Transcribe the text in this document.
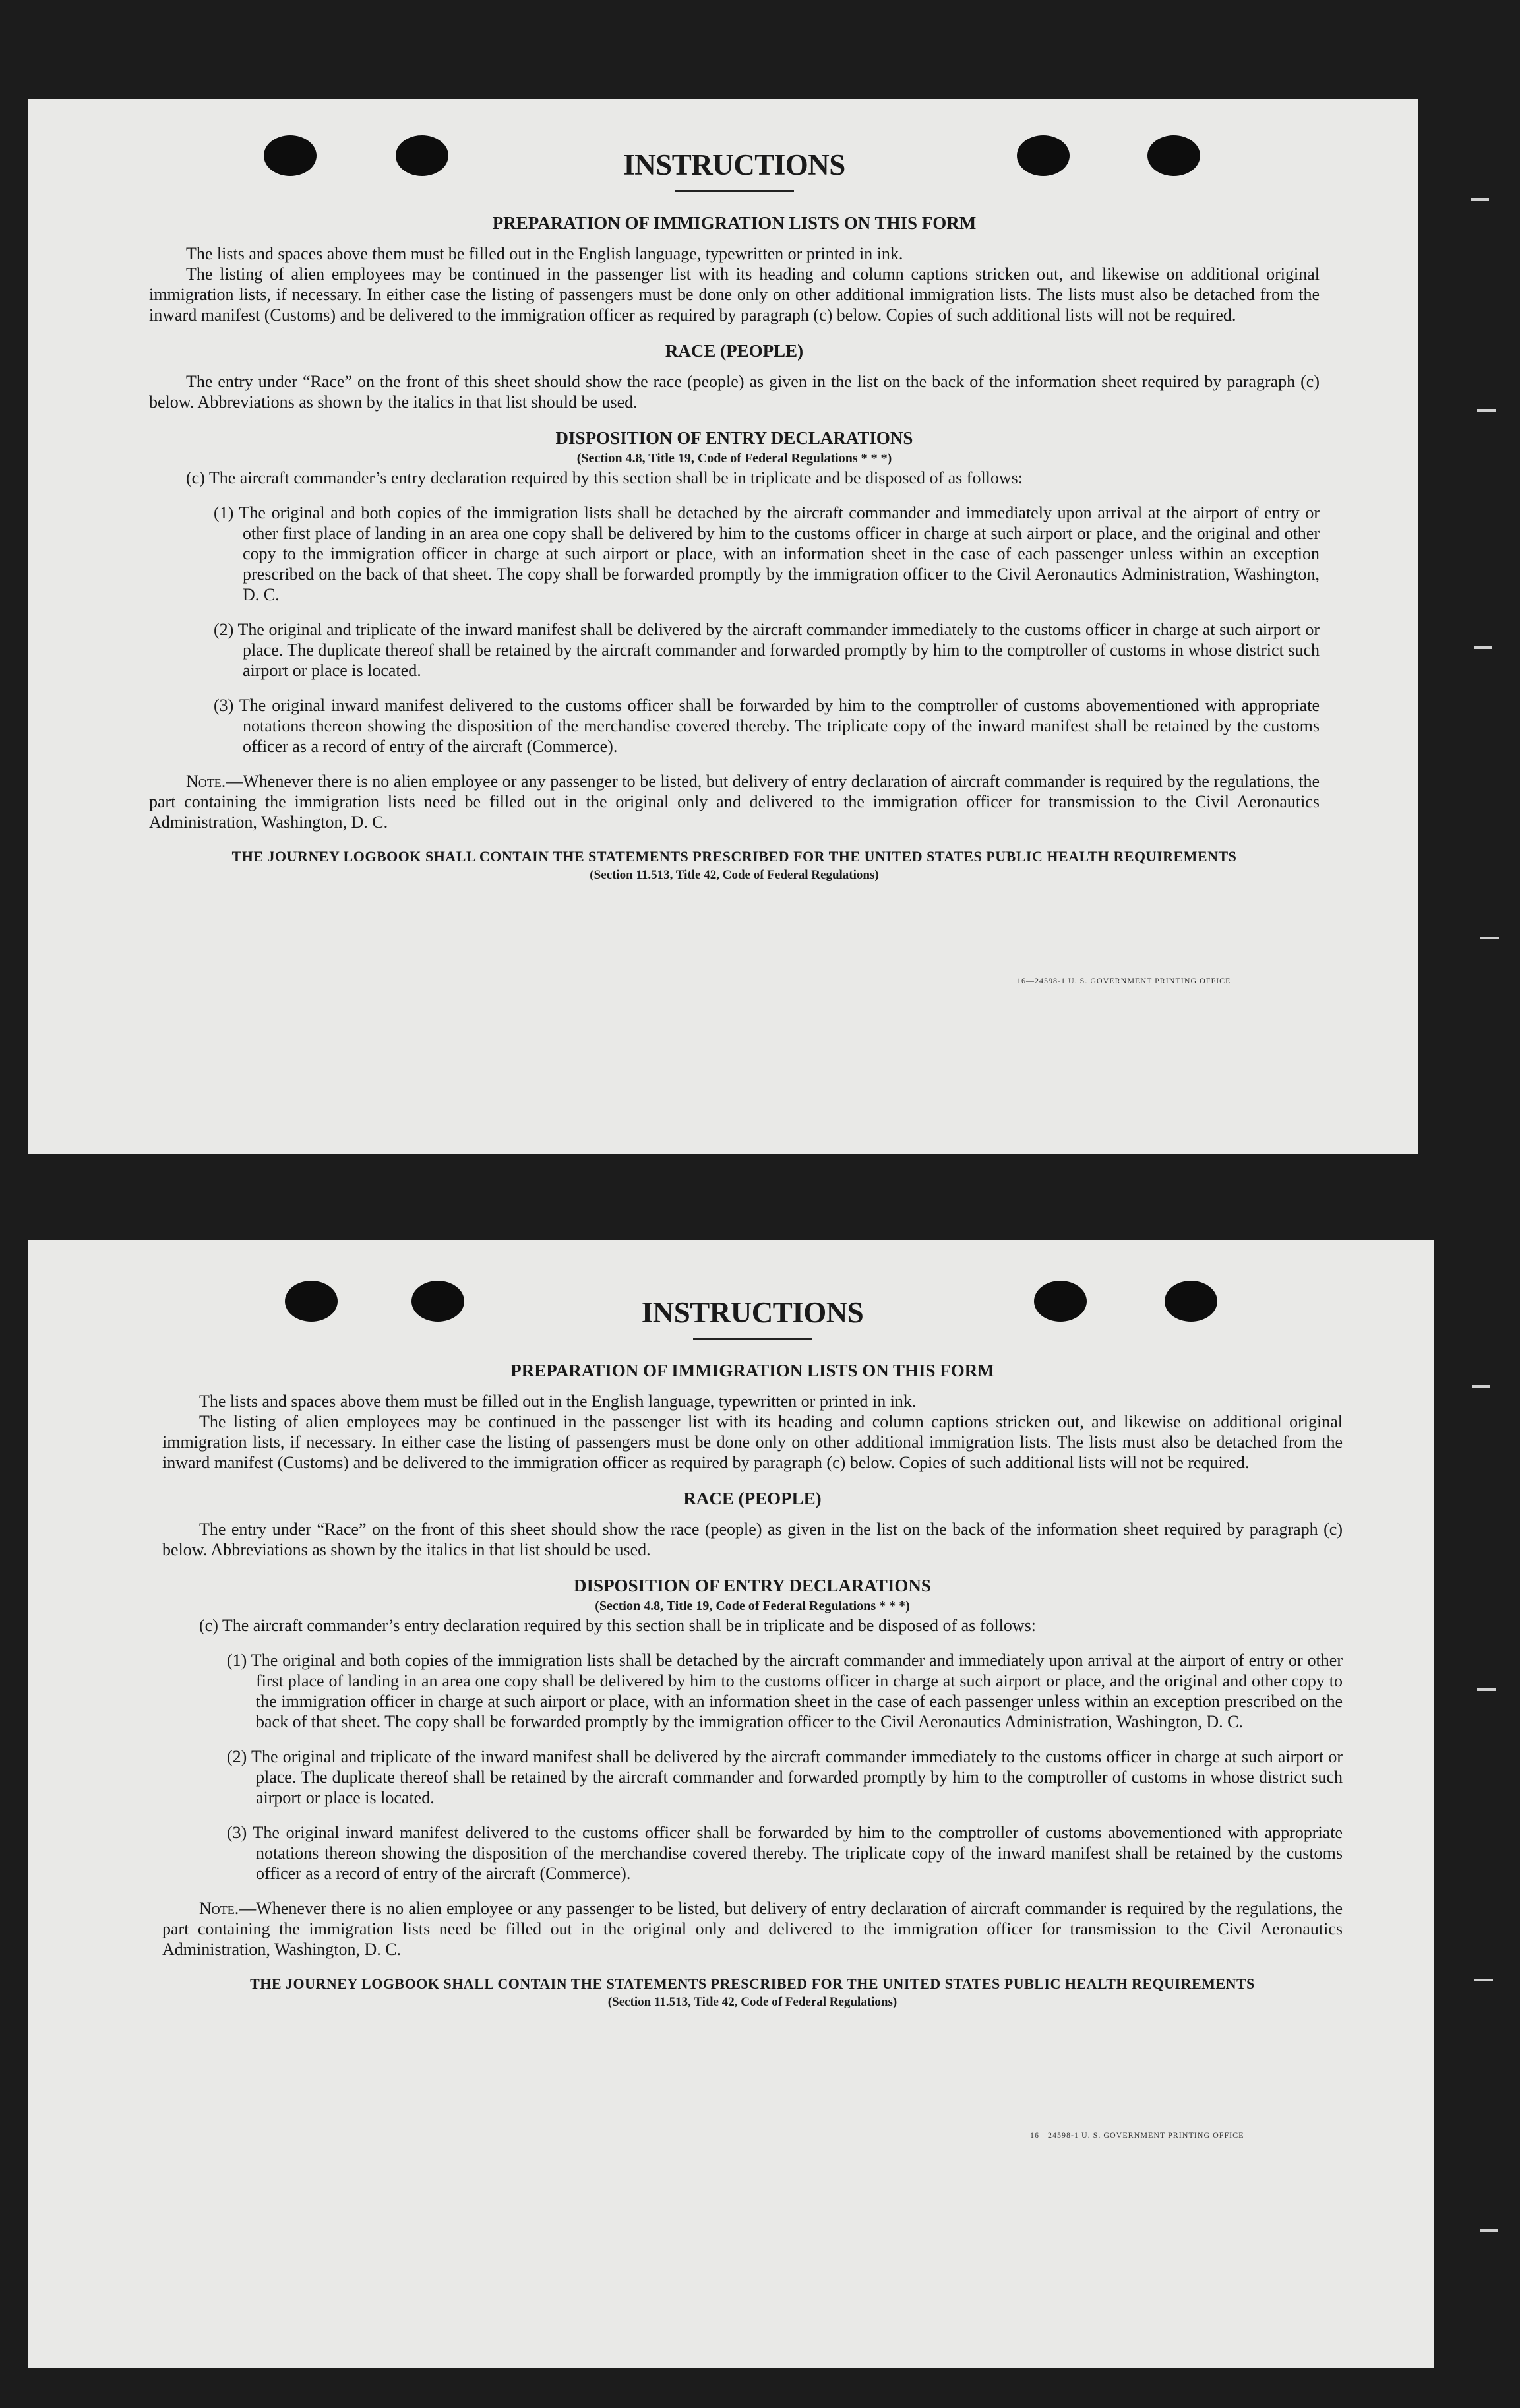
INSTRUCTIONS
PREPARATION OF IMMIGRATION LISTS ON THIS FORM

The lists and spaces above them must be filled out in the English language, typewritten or printed in ink.

The listing of alien employees may be continued in the passenger list with its heading and column captions stricken out, and likewise on additional original immigration lists, if necessary. In either case the listing of passengers must be done only on other additional immigration lists. The lists must also be detached from the inward manifest (Customs) and be delivered to the immigration officer as required by paragraph (c) below. Copies of such additional lists will not be required.

RACE (PEOPLE)

The entry under “Race” on the front of this sheet should show the race (people) as given in the list on the back of the information sheet required by paragraph (c) below. Abbreviations as shown by the italics in that list should be used.

DISPOSITION OF ENTRY DECLARATIONS
(Section 4.8, Title 19, Code of Federal Regulations * * *)

(c) The aircraft commander’s entry declaration required by this section shall be in triplicate and be disposed of as follows:

(1) The original and both copies of the immigration lists shall be detached by the aircraft commander and immediately upon arrival at the airport of entry or other first place of landing in an area one copy shall be delivered by him to the customs officer in charge at such airport or place, and the original and other copy to the immigration officer in charge at such airport or place, with an information sheet in the case of each passenger unless within an exception prescribed on the back of that sheet. The copy shall be forwarded promptly by the immigration officer to the Civil Aeronautics Administration, Washington, D. C.

(2) The original and triplicate of the inward manifest shall be delivered by the aircraft commander immediately to the customs officer in charge at such airport or place. The duplicate thereof shall be retained by the aircraft commander and forwarded promptly by him to the comptroller of customs in whose district such airport or place is located.

(3) The original inward manifest delivered to the customs officer shall be forwarded by him to the comptroller of customs abovementioned with appropriate notations thereon showing the disposition of the merchandise covered thereby. The triplicate copy of the inward manifest shall be retained by the customs officer as a record of entry of the aircraft (Commerce).

Note.—Whenever there is no alien employee or any passenger to be listed, but delivery of entry declaration of aircraft commander is required by the regulations, the part containing the immigration lists need be filled out in the original only and delivered to the immigration officer for transmission to the Civil Aeronautics Administration, Washington, D. C.

THE JOURNEY LOGBOOK SHALL CONTAIN THE STATEMENTS PRESCRIBED FOR THE UNITED STATES PUBLIC HEALTH REQUIREMENTS
(Section 11.513, Title 42, Code of Federal Regulations)
16—24598-1 U. S. GOVERNMENT PRINTING OFFICE
INSTRUCTIONS
PREPARATION OF IMMIGRATION LISTS ON THIS FORM

The lists and spaces above them must be filled out in the English language, typewritten or printed in ink.

The listing of alien employees may be continued in the passenger list with its heading and column captions stricken out, and likewise on additional original immigration lists, if necessary. In either case the listing of passengers must be done only on other additional immigration lists. The lists must also be detached from the inward manifest (Customs) and be delivered to the immigration officer as required by paragraph (c) below. Copies of such additional lists will not be required.

RACE (PEOPLE)

The entry under “Race” on the front of this sheet should show the race (people) as given in the list on the back of the information sheet required by paragraph (c) below. Abbreviations as shown by the italics in that list should be used.

DISPOSITION OF ENTRY DECLARATIONS
(Section 4.8, Title 19, Code of Federal Regulations * * *)

(c) The aircraft commander’s entry declaration required by this section shall be in triplicate and be disposed of as follows:

(1) The original and both copies of the immigration lists shall be detached by the aircraft commander and immediately upon arrival at the airport of entry or other first place of landing in an area one copy shall be delivered by him to the customs officer in charge at such airport or place, and the original and other copy to the immigration officer in charge at such airport or place, with an information sheet in the case of each passenger unless within an exception prescribed on the back of that sheet. The copy shall be forwarded promptly by the immigration officer to the Civil Aeronautics Administration, Washington, D. C.

(2) The original and triplicate of the inward manifest shall be delivered by the aircraft commander immediately to the customs officer in charge at such airport or place. The duplicate thereof shall be retained by the aircraft commander and forwarded promptly by him to the comptroller of customs in whose district such airport or place is located.

(3) The original inward manifest delivered to the customs officer shall be forwarded by him to the comptroller of customs abovementioned with appropriate notations thereon showing the disposition of the merchandise covered thereby. The triplicate copy of the inward manifest shall be retained by the customs officer as a record of entry of the aircraft (Commerce).

Note.—Whenever there is no alien employee or any passenger to be listed, but delivery of entry declaration of aircraft commander is required by the regulations, the part containing the immigration lists need be filled out in the original only and delivered to the immigration officer for transmission to the Civil Aeronautics Administration, Washington, D. C.

THE JOURNEY LOGBOOK SHALL CONTAIN THE STATEMENTS PRESCRIBED FOR THE UNITED STATES PUBLIC HEALTH REQUIREMENTS
(Section 11.513, Title 42, Code of Federal Regulations)
16—24598-1 U. S. GOVERNMENT PRINTING OFFICE
